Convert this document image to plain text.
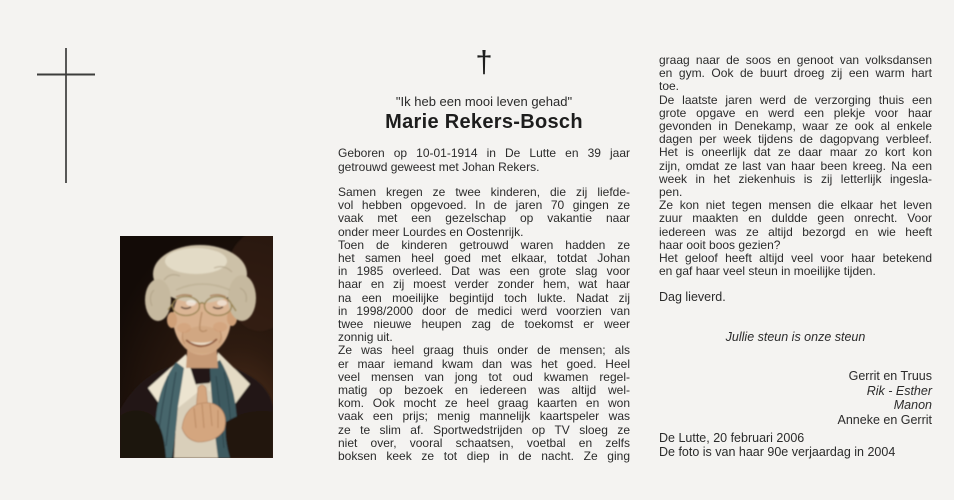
†
"Ik heb een mooi leven gehad"
Marie Rekers-Bosch
Geboren op 10-01-1914 in De Lutte en 39 jaar
getrouwd geweest met Johan Rekers.
Samen kregen ze twee kinderen, die zij liefde-
vol hebben opgevoed. In de jaren 70 gingen ze
vaak met een gezelschap op vakantie naar
onder meer Lourdes en Oostenrijk.
Toen de kinderen getrouwd waren hadden ze
het samen heel goed met elkaar, totdat Johan
in 1985 overleed. Dat was een grote slag voor
haar en zij moest verder zonder hem, wat haar
na een moeilijke begintijd toch lukte. Nadat zij
in 1998/2000 door de medici werd voorzien van
twee nieuwe heupen zag de toekomst er weer
zonnig uit.
Ze was heel graag thuis onder de mensen; als
er maar iemand kwam dan was het goed. Heel
veel mensen van jong tot oud kwamen regel-
matig op bezoek en iedereen was altijd wel-
kom. Ook mocht ze heel graag kaarten en won
vaak een prijs; menig mannelijk kaartspeler was
ze te slim af. Sportwedstrijden op TV sloeg ze
niet over, vooral schaatsen, voetbal en zelfs
boksen keek ze tot diep in de nacht. Ze ging
graag naar de soos en genoot van volksdansen
en gym. Ook de buurt droeg zij een warm hart
toe.
De laatste jaren werd de verzorging thuis een
grote opgave en werd een plekje voor haar
gevonden in Denekamp, waar ze ook al enkele
dagen per week tijdens de dagopvang verbleef.
Het is oneerlijk dat ze daar maar zo kort kon
zijn, omdat ze last van haar been kreeg. Na een
week in het ziekenhuis is zij letterlijk ingesla-
pen.
Ze kon niet tegen mensen die elkaar het leven
zuur maakten en duldde geen onrecht. Voor
iedereen was ze altijd bezorgd en wie heeft
haar ooit boos gezien?
Het geloof heeft altijd veel voor haar betekend
en gaf haar veel steun in moeilijke tijden.
Dag lieverd.
Jullie steun is onze steun
Gerrit en Truus
Rik - Esther
Manon
Anneke en Gerrit
De Lutte, 20 februari 2006
De foto is van haar 90e verjaardag in 2004
